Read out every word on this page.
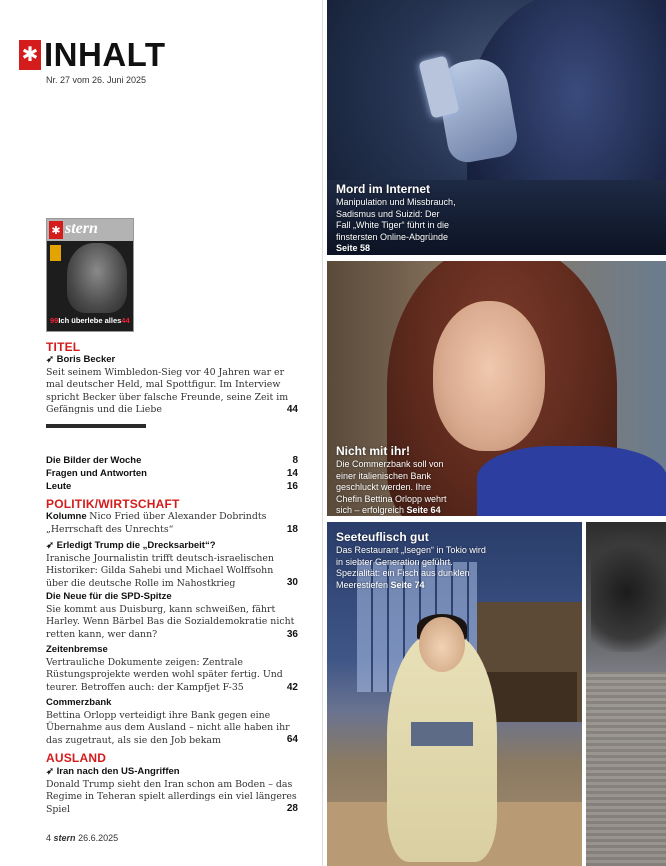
✱ INHALT
Nr. 27 vom 26. Juni 2025
✱ stern
99Ich überlebe alles44
TITEL
➶ Boris Becker
Seit seinem Wimbledon-Sieg vor 40 Jahren war er mal deutscher Held, mal Spottfigur. Im Interview spricht Becker über falsche Freunde, seine Zeit im Gefängnis und die Liebe	44
Die Bilder der Woche	8
Fragen und Antworten	14
Leute	16
POLITIK/WIRTSCHAFT
Kolumne Nico Fried über Alexander Dobrindts „Herrschaft des Unrechts“	18
➶ Erledigt Trump die „Drecksarbeit“?
Iranische Journalistin trifft deutsch-israelischen Historiker: Gilda Sahebi und Michael Wolffsohn über die deutsche Rolle im Nahostkrieg	30
Die Neue für die SPD-Spitze
Sie kommt aus Duisburg, kann schweißen, fährt Harley. Wenn Bärbel Bas die Sozialdemokratie nicht retten kann, wer dann?	36
Zeitenbremse
Vertrauliche Dokumente zeigen: Zentrale Rüstungsprojekte werden wohl später fertig. Und teurer. Betroffen auch: der Kampfjet F-35	42
Commerzbank
Bettina Orlopp verteidigt ihre Bank gegen eine Übernahme aus dem Ausland – nicht alle haben ihr das zugetraut, als sie den Job bekam	64
AUSLAND
➶ Iran nach den US-Angriffen
Donald Trump sieht den Iran schon am Boden – das Regime in Teheran spielt allerdings ein viel längeres Spiel	28
4 stern 26.6.2025
Mord im Internet
Manipulation und Missbrauch, Sadismus und Suizid: Der Fall „White Tiger“ führt in die finstersten Online-Abgründe Seite 58
Nicht mit ihr!
Die Commerzbank soll von einer italienischen Bank geschluckt werden. Ihre Chefin Bettina Orlopp wehrt sich – erfolgreich Seite 64
Seeteuflisch gut
Das Restaurant „Isegen“ in Tokio wird in siebter Generation geführt. Spezialität: ein Fisch aus dunklen Meerestiefen Seite 74
